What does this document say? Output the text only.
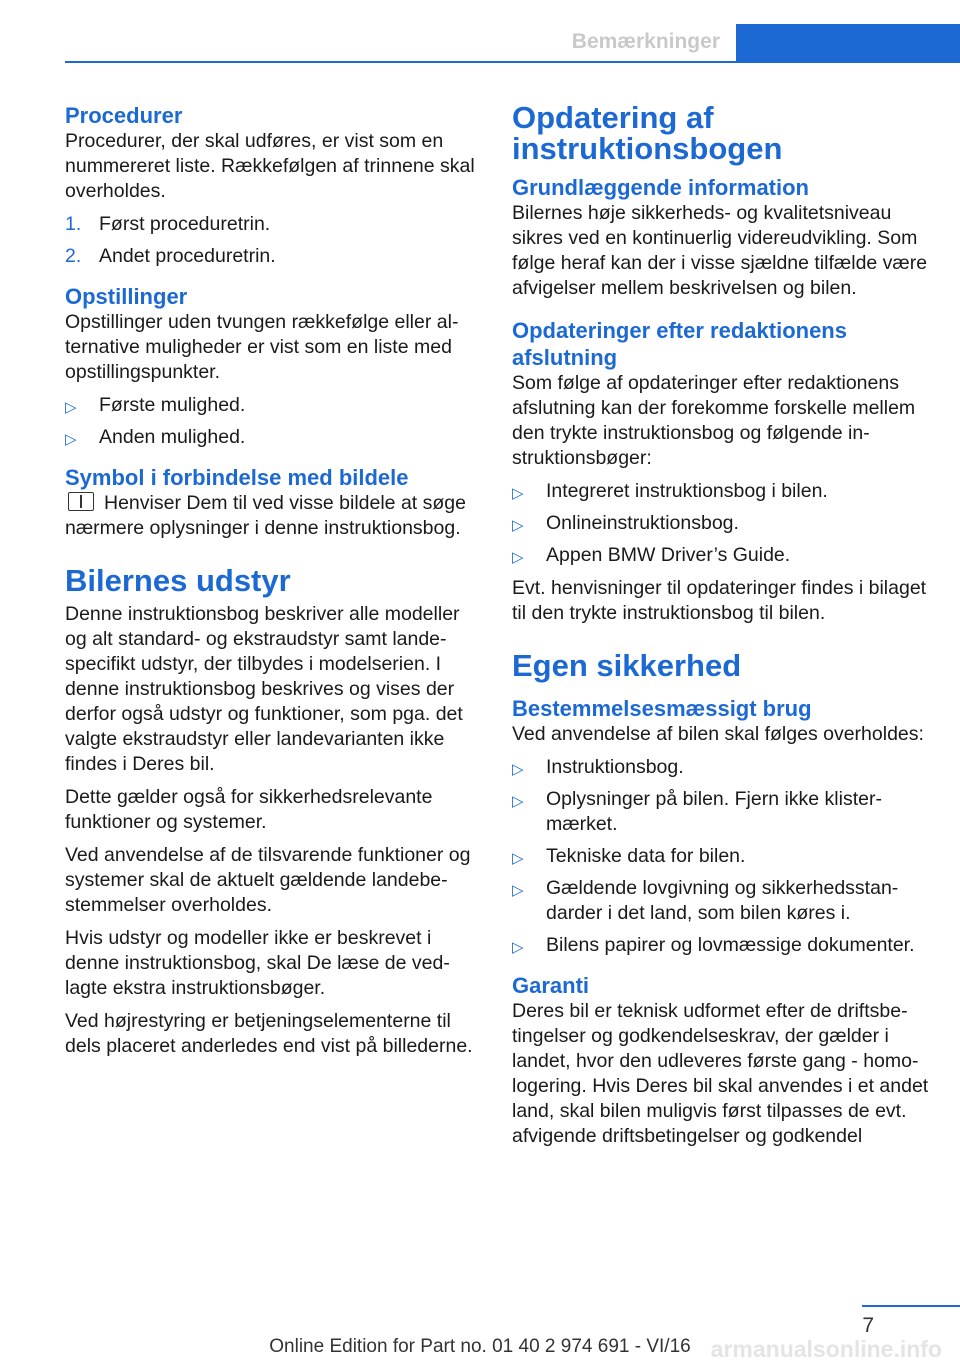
Bemærkninger
Procedurer

Procedurer, der skal udføres, er vist som en nummereret liste. Rækkefølgen af trinnene skal overholdes.

1. Først proceduretrin.
2. Andet proceduretrin.
Opstillinger

Opstillinger uden tvungen rækkefølge eller alternative muligheder er vist som en liste med opstillingspunkter.

▷ Første mulighed.
▷ Anden mulighed.
Symbol i forbindelse med bildele

Henviser Dem til ved visse bildele at søge nærmere oplysninger i denne instruktionsbog.

Bilernes udstyr

Denne instruktionsbog beskriver alle modeller og alt standard- og ekstraudstyr samt landespecifikt udstyr, der tilbydes i modelserien. I denne instruktionsbog beskrives og vises der derfor også udstyr og funktioner, som pga. det valgte ekstraudstyr eller landevarianten ikke findes i Deres bil.

Dette gælder også for sikkerhedsrelevante funktioner og systemer.

Ved anvendelse af de tilsvarende funktioner og systemer skal de aktuelt gældende landebestemmelser overholdes.

Hvis udstyr og modeller ikke er beskrevet i denne instruktionsbog, skal De læse de vedlagte ekstra instruktionsbøger.

Ved højrestyring er betjeningselementerne til dels placeret anderledes end vist på billederne.

Opdatering af instruktionsbogen
Grundlæggende information

Bilernes høje sikkerheds- og kvalitetsniveau sikres ved en kontinuerlig videreudvikling. Som følge heraf kan der i visse sjældne tilfælde være afvigelser mellem beskrivelsen og bilen.

Opdateringer efter redaktionens afslutning

Som følge af opdateringer efter redaktionens afslutning kan der forekomme forskelle mellem den trykte instruktionsbog og følgende instruktionsbøger:

▷ Integreret instruktionsbog i bilen.
▷ Onlineinstruktionsbog.
▷ Appen BMW Driver’s Guide.

Evt. henvisninger til opdateringer findes i bilaget til den trykte instruktionsbog til bilen.

Egen sikkerhed
Bestemmelsesmæssigt brug

Ved anvendelse af bilen skal følges overholdes:

▷ Instruktionsbog.
▷ Oplysninger på bilen. Fjern ikke klistermærket.
▷ Tekniske data for bilen.
▷ Gældende lovgivning og sikkerhedsstandarder i det land, som bilen køres i.
▷ Bilens papirer og lovmæssige dokumenter.
Garanti

Deres bil er teknisk udformet efter de driftsbetingelser og godkendelseskrav, der gælder i landet, hvor den udleveres første gang - homologering. Hvis Deres bil skal anvendes i et andet land, skal bilen muligvis først tilpasses de evt. afvigende driftsbetingelser og godkendel

7
Online Edition for Part no. 01 40 2 974 691 - VI/16 armanualsonline.info
